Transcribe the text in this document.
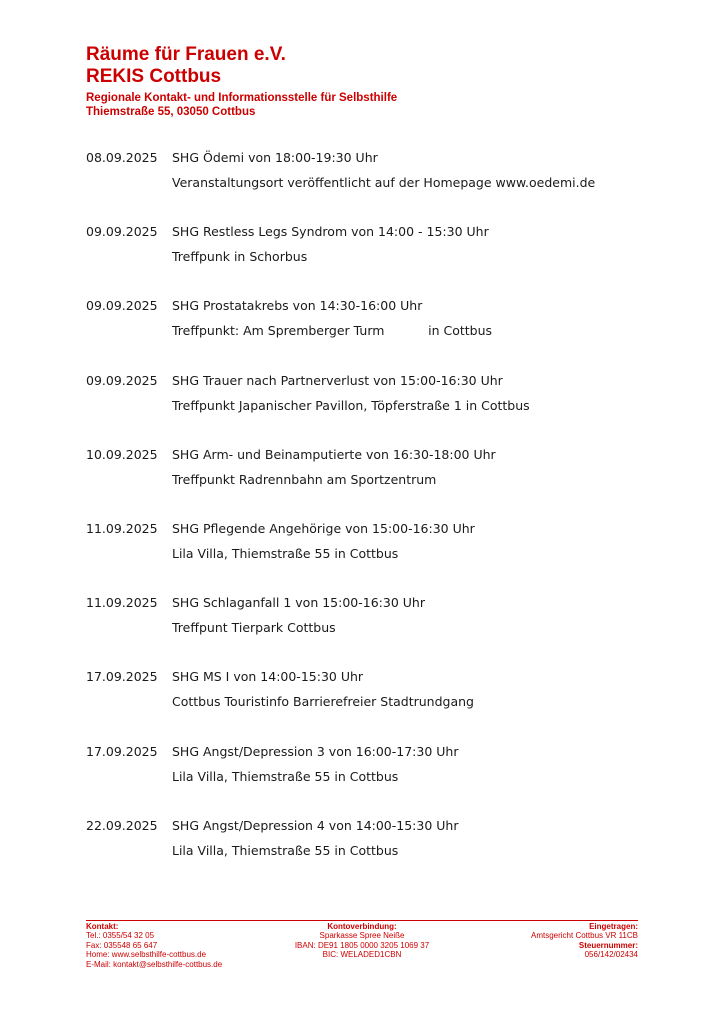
Räume für Frauen e.V.
REKIS Cottbus
Regionale Kontakt- und Informationsstelle für Selbsthilfe
Thiemstraße 55, 03050 Cottbus
08.09.2025 SHG Ödemi von 18:00-19:30 Uhr
Veranstaltungsort veröffentlicht auf der Homepage www.oedemi.de
09.09.2025 SHG Restless Legs Syndrom von 14:00 - 15:30 Uhr
Treffpunk in Schorbus
09.09.2025 SHG Prostatakrebs von 14:30-16:00 Uhr
Treffpunkt: Am Spremberger Turm           in Cottbus
09.09.2025 SHG Trauer nach Partnerverlust von 15:00-16:30 Uhr
Treffpunkt Japanischer Pavillon, Töpferstraße 1 in Cottbus
10.09.2025 SHG Arm- und Beinamputierte von 16:30-18:00 Uhr
Treffpunkt Radrennbahn am Sportzentrum
11.09.2025 SHG Pflegende Angehörige von 15:00-16:30 Uhr
Lila Villa, Thiemstraße 55 in Cottbus
11.09.2025 SHG Schlaganfall 1 von 15:00-16:30 Uhr
Treffpunt Tierpark Cottbus
17.09.2025 SHG MS I von 14:00-15:30 Uhr
Cottbus Touristinfo Barrierefreier Stadtrundgang
17.09.2025 SHG Angst/Depression 3 von 16:00-17:30 Uhr
Lila Villa, Thiemstraße 55 in Cottbus
22.09.2025 SHG Angst/Depression 4 von 14:00-15:30 Uhr
Lila Villa, Thiemstraße 55 in Cottbus
Kontakt:
Tel.: 0355/54 32 05
Fax: 035548 65 647
Home: www.selbsthilfe-cottbus.de
E-Mail: kontakt@selbsthilfe-cottbus.de
Kontoverbindung:
Sparkasse Spree Neiße
IBAN: DE91 1805 0000 3205 1069 37
BIC: WELADED1CBN
Eingetragen:
Amtsgericht Cottbus VR 11CB
Steuernummer:
056/142/02434
